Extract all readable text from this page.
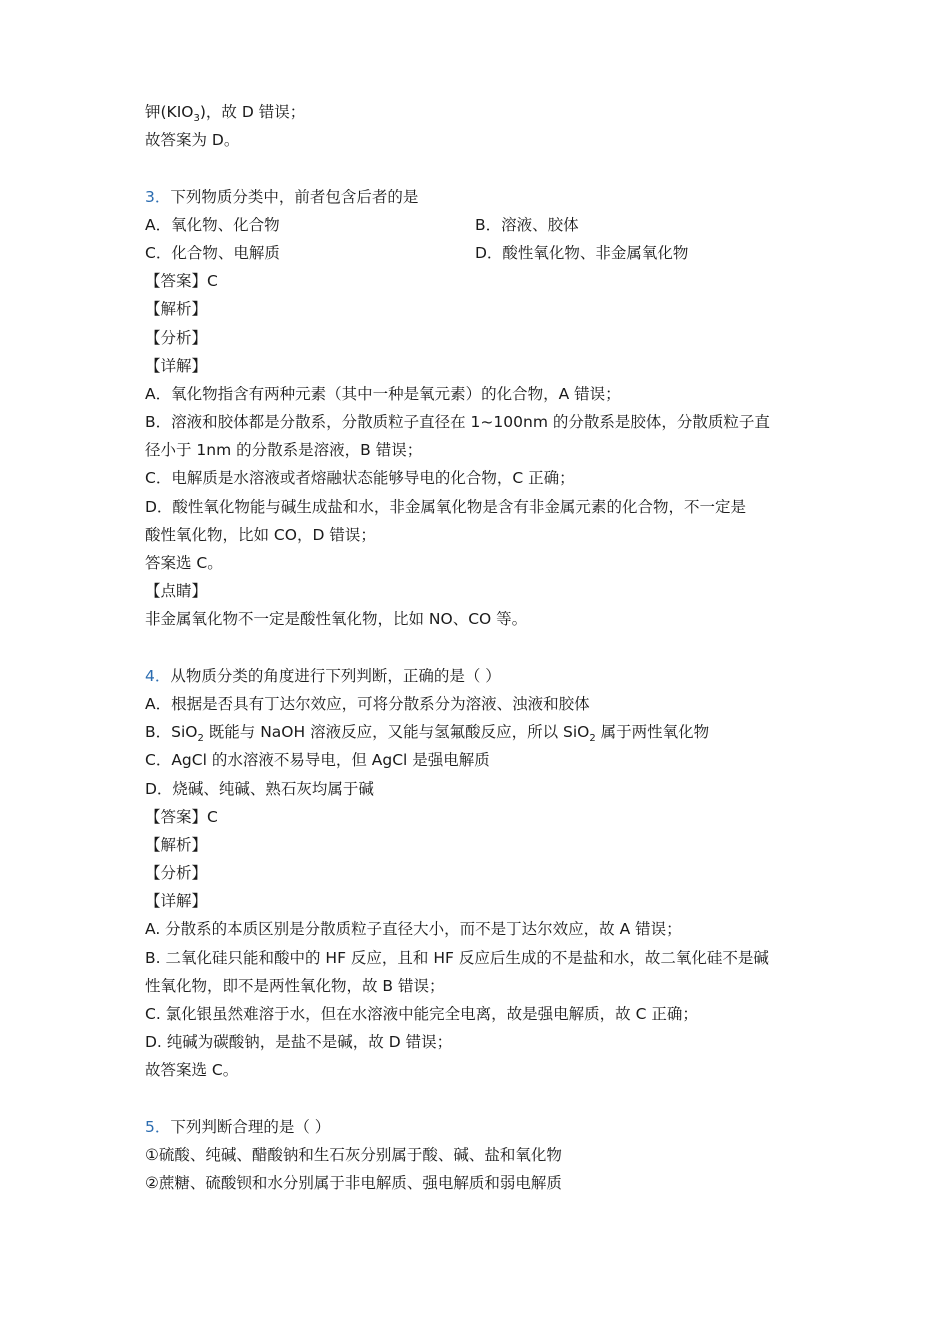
钾$(KIO_3)$，故 D 错误；
故答案为 D。
3．下列物质分类中，前者包含后者的是
A．氧化物、化合物	B．溶液、胶体
C．化合物、电解质	D．酸性氧化物、非金属氧化物
【答案】C
【解析】
【分析】
【详解】
A．氧化物指含有两种元素（其中一种是氧元素）的化合物，A 错误；
B．溶液和胶体都是分散系，分散质粒子直径在 1~100nm 的分散系是胶体，分散质粒子直
径小于 1nm 的分散系是溶液，B 错误；
C．电解质是水溶液或者熔融状态能够导电的化合物，C 正确；
D．酸性氧化物能与碱生成盐和水，非金属氧化物是含有非金属元素的化合物，不一定是
酸性氧化物，比如 CO，D 错误；
答案选 C。
【点睛】
非金属氧化物不一定是酸性氧化物，比如 NO、CO 等。
4．从物质分类的角度进行下列判断，正确的是（ ）
A．根据是否具有丁达尔效应，可将分散系分为溶液、浊液和胶体
B．SiO$_2$ 既能与 NaOH 溶液反应，又能与氢氟酸反应，所以 SiO$_2$ 属于两性氧化物
C．AgCl 的水溶液不易导电，但 AgCl 是强电解质
D．烧碱、纯碱、熟石灰均属于碱
【答案】C
【解析】
【分析】
【详解】
A. 分散系的本质区别是分散质粒子直径大小，而不是丁达尔效应，故 A 错误；
B. 二氧化硅只能和酸中的 HF 反应，且和 HF 反应后生成的不是盐和水，故二氧化硅不是碱
性氧化物，即不是两性氧化物，故 B 错误；
C. 氯化银虽然难溶于水，但在水溶液中能完全电离，故是强电解质，故 C 正确；
D. 纯碱为碳酸钠，是盐不是碱，故 D 错误；
故答案选 C。
5．下列判断合理的是（ ）
①硫酸、纯碱、醋酸钠和生石灰分别属于酸、碱、盐和氧化物
②蔗糖、硫酸钡和水分别属于非电解质、强电解质和弱电解质
